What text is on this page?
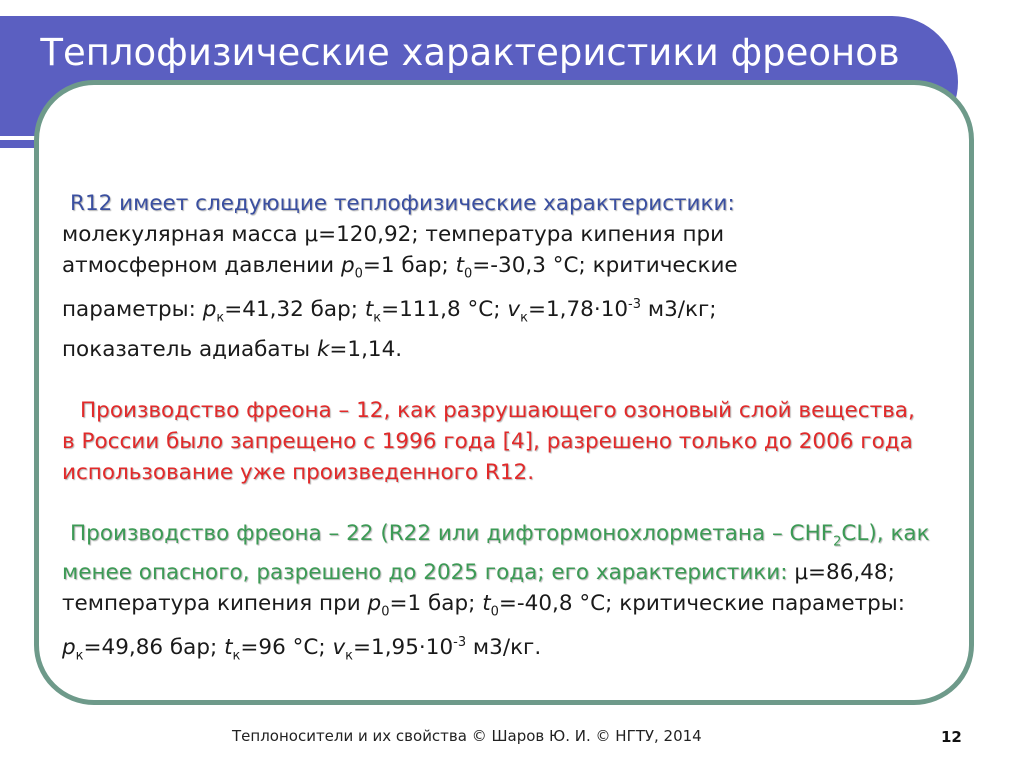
Теплофизические характеристики фреонов

R12 имеет следующие теплофизические характеристики:
молекулярная масса μ=120,92; температура кипения при
атмосферном давлении $p_0=1$ бар; $t_0=-30,3$ °С; критические
параметры: $p_к=41,32$ бар; $t_к=111,8$ °С; $v_к=1,78\cdot 10^{-3}$ м3/кг;
показатель адиабаты k=1,14.

Производство фреона – 12, как разрушающего озоновый слой вещества, в России было запрещено с 1996 года [4], разрешено только до 2006 года использование уже произведенного R12.

Производство фреона – 22 (R22 или дифтормонохлорметана – $CHF_2CL$), как менее опасного, разрешено до 2025 года; его характеристики: μ=86,48; температура кипения при $p_0=1$ бар; $t_0=-40,8$ °С; критические параметры: $p_к=49,86$ бар; $t_к=96$ °С; $v_к=1,95\cdot 10^{-3}$ м3/кг.

Теплоносители и их свойства © Шаров Ю. И. © НГТУ, 2014	12
